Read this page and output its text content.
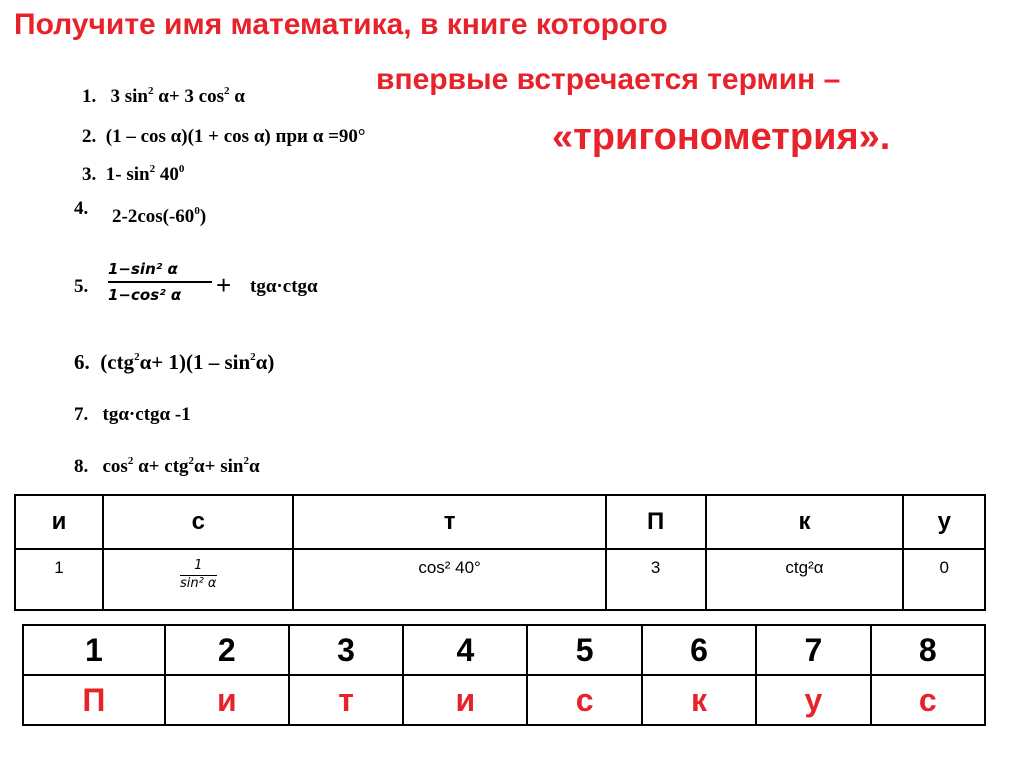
Получите имя математика, в книге которого
впервые встречается термин –
«тригонометрия».
1. 3 $\sin^2 \alpha+ 3$ $\cos^2 \alpha$
2. (1 – cos α)(1 + cos α) при α =90°
3. 1- $\sin^2 40^0$
4. $2-2\cos(-60^0)$
5.
1−sin² α
1−cos² α	+ tgα·ctgα
6. $(ctg^2\alpha+ 1)(1 - \sin^2\alpha)$
7. tgα·ctgα -1
8. $\cos^2 \alpha+ ctg^2\alpha+ \sin^2\alpha$
и	с	т	П	к	у
1	$\frac{1}{\text{sin² α}}$	cos² 40°	3	ctg²α	0
1	2	3	4	5	6	7	8
П	и	т	и	с	к	у	с
